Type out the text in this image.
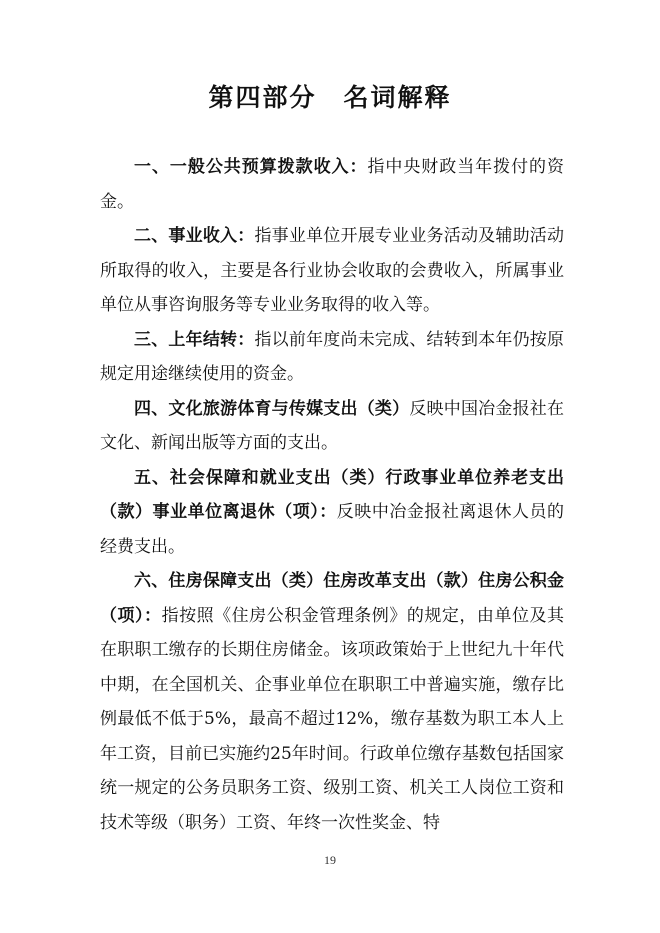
第四部分　名词解释

一、一般公共预算拨款收入：指中央财政当年拨付的资金。

二、事业收入：指事业单位开展专业业务活动及辅助活动所取得的收入，主要是各行业协会收取的会费收入，所属事业单位从事咨询服务等专业业务取得的收入等。

三、上年结转：指以前年度尚未完成、结转到本年仍按原规定用途继续使用的资金。

四、文化旅游体育与传媒支出（类）反映中国冶金报社在文化、新闻出版等方面的支出。

五、社会保障和就业支出（类）行政事业单位养老支出（款）事业单位离退休（项）：反映中冶金报社离退休人员的经费支出。

六、住房保障支出（类）住房改革支出（款）住房公积金（项）：指按照《住房公积金管理条例》的规定，由单位及其在职职工缴存的长期住房储金。该项政策始于上世纪九十年代中期，在全国机关、企事业单位在职职工中普遍实施，缴存比例最低不低于5%，最高不超过12%，缴存基数为职工本人上年工资，目前已实施约25年时间。行政单位缴存基数包括国家统一规定的公务员职务工资、级别工资、机关工人岗位工资和技术等级（职务）工资、年终一次性奖金、特

19
